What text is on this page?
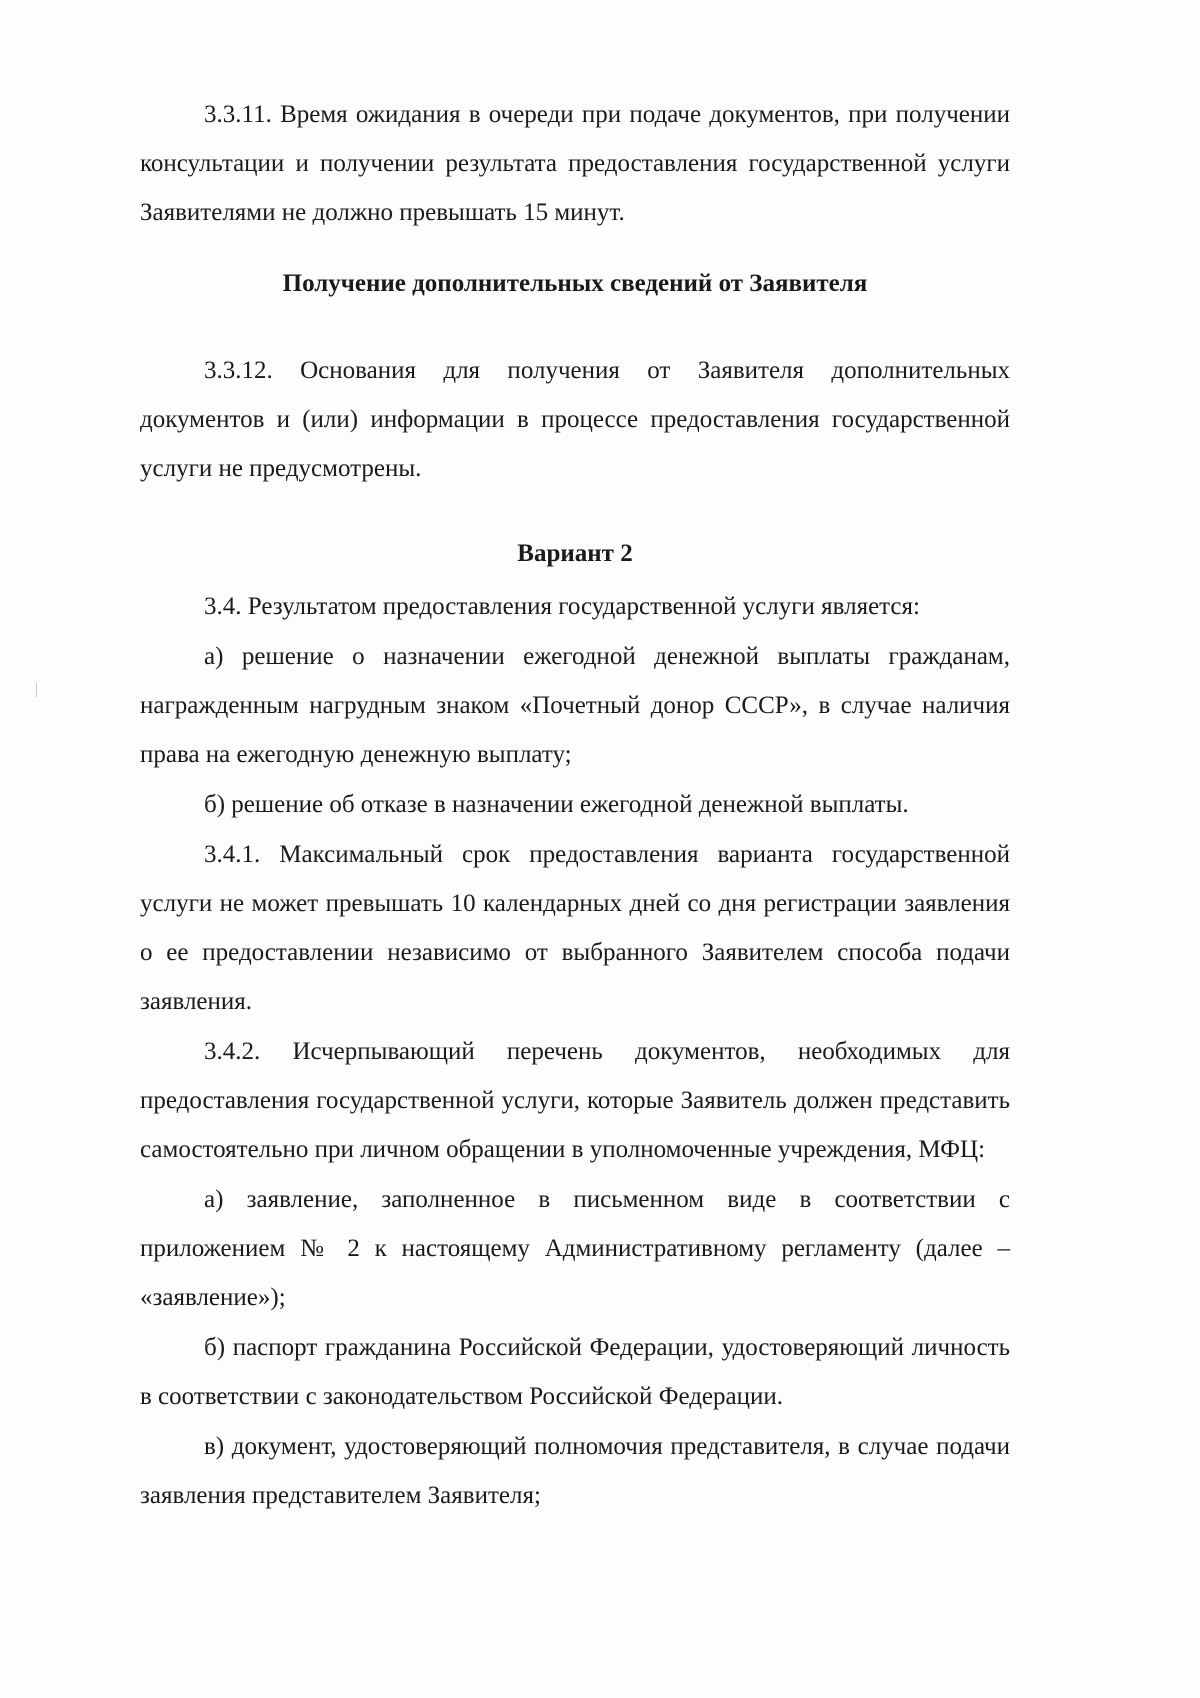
3.3.11. Время ожидания в очереди при подаче документов, при получении консультации и получении результата предоставления государственной услуги Заявителями не должно превышать 15 минут.

Получение дополнительных сведений от Заявителя

3.3.12. Основания для получения от Заявителя дополнительных документов и (или) информации в процессе предоставления государственной услуги не предусмотрены.

Вариант 2

3.4. Результатом предоставления государственной услуги является:

а) решение о назначении ежегодной денежной выплаты гражданам, награжденным нагрудным знаком «Почетный донор СССР», в случае наличия права на ежегодную денежную выплату;

б) решение об отказе в назначении ежегодной денежной выплаты.

3.4.1. Максимальный срок предоставления варианта государственной услуги не может превышать 10 календарных дней со дня регистрации заявления о ее предоставлении независимо от выбранного Заявителем способа подачи заявления.

3.4.2. Исчерпывающий перечень документов, необходимых для предоставления государственной услуги, которые Заявитель должен представить самостоятельно при личном обращении в уполномоченные учреждения, МФЦ:

а) заявление, заполненное в письменном виде в соответствии с приложением № 2 к настоящему Административному регламенту (далее – «заявление»);

б) паспорт гражданина Российской Федерации, удостоверяющий личность в соответствии с законодательством Российской Федерации.

в) документ, удостоверяющий полномочия представителя, в случае подачи заявления представителем Заявителя;
